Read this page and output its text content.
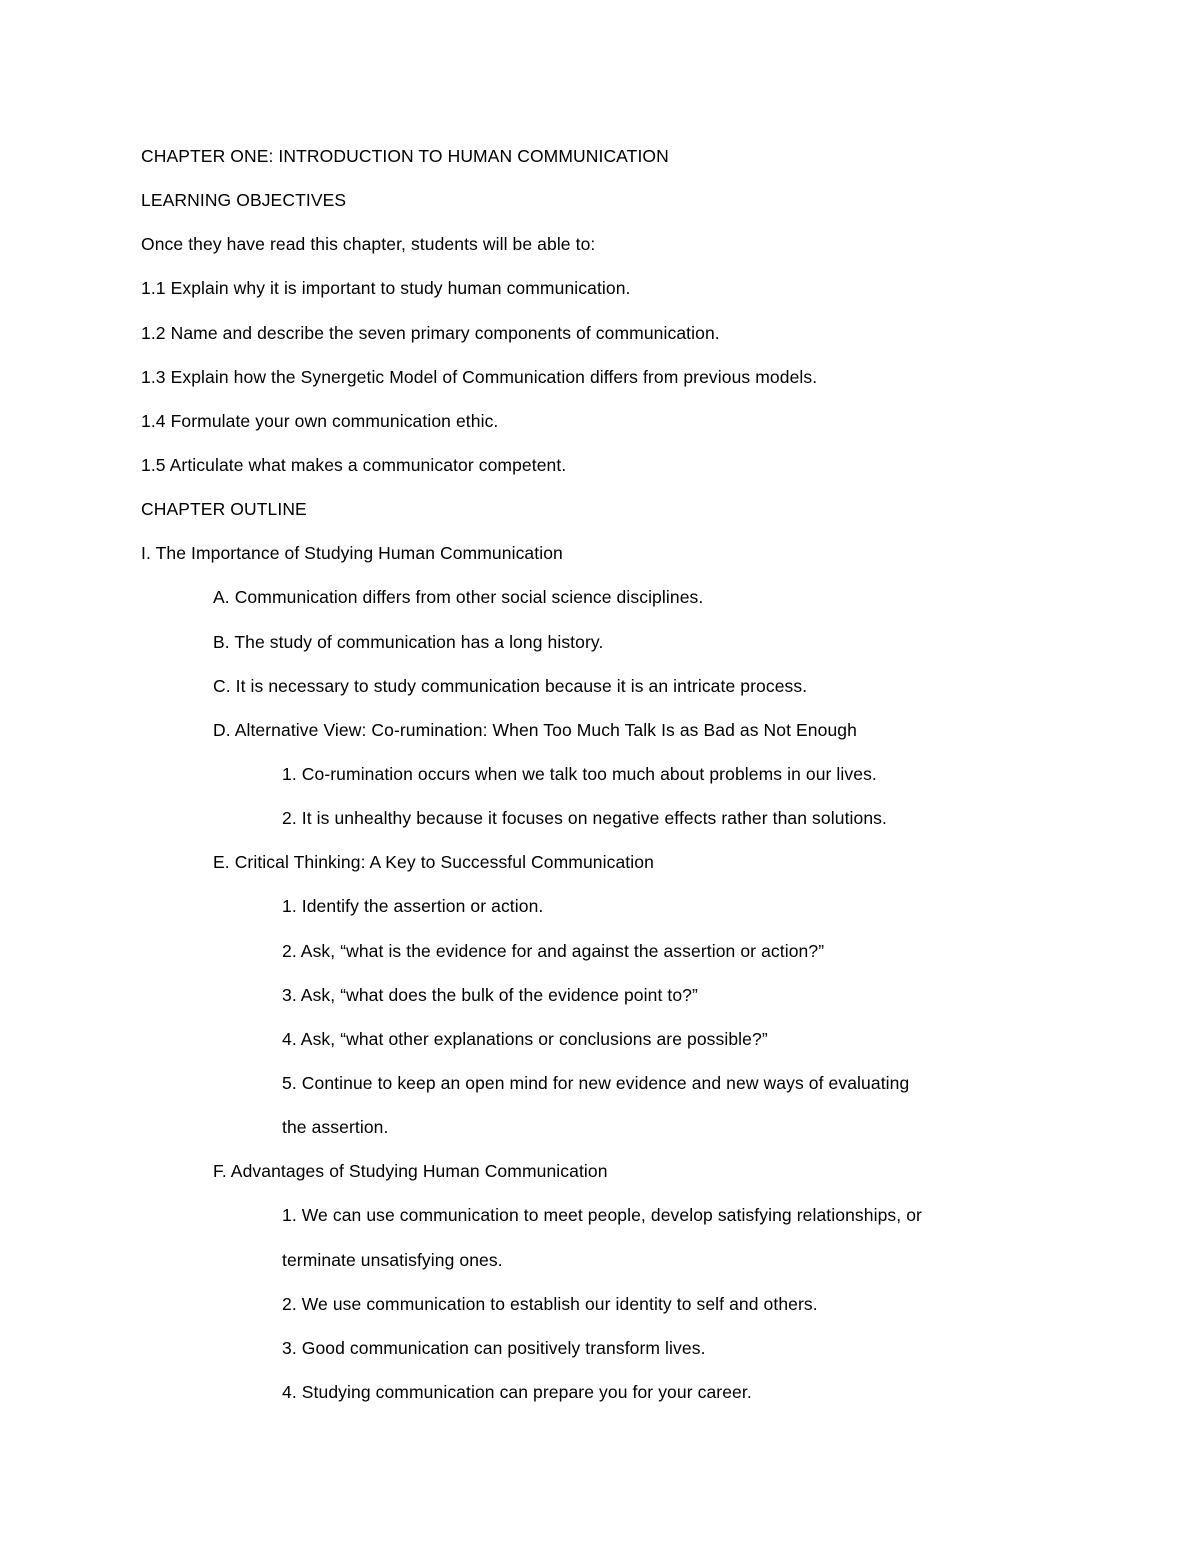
CHAPTER ONE: INTRODUCTION TO HUMAN COMMUNICATION
LEARNING OBJECTIVES
Once they have read this chapter, students will be able to:
1.1 Explain why it is important to study human communication.
1.2 Name and describe the seven primary components of communication.
1.3 Explain how the Synergetic Model of Communication differs from previous models.
1.4 Formulate your own communication ethic.
1.5 Articulate what makes a communicator competent.
CHAPTER OUTLINE
I. The Importance of Studying Human Communication
A. Communication differs from other social science disciplines.
B. The study of communication has a long history.
C. It is necessary to study communication because it is an intricate process.
D. Alternative View: Co-rumination: When Too Much Talk Is as Bad as Not Enough
1. Co-rumination occurs when we talk too much about problems in our lives.
2. It is unhealthy because it focuses on negative effects rather than solutions.
E. Critical Thinking: A Key to Successful Communication
1. Identify the assertion or action.
2. Ask, “what is the evidence for and against the assertion or action?”
3. Ask, “what does the bulk of the evidence point to?”
4. Ask, “what other explanations or conclusions are possible?”
5. Continue to keep an open mind for new evidence and new ways of evaluating
the assertion.
F. Advantages of Studying Human Communication
1. We can use communication to meet people, develop satisfying relationships, or
terminate unsatisfying ones.
2. We use communication to establish our identity to self and others.
3. Good communication can positively transform lives.
4. Studying communication can prepare you for your career.
